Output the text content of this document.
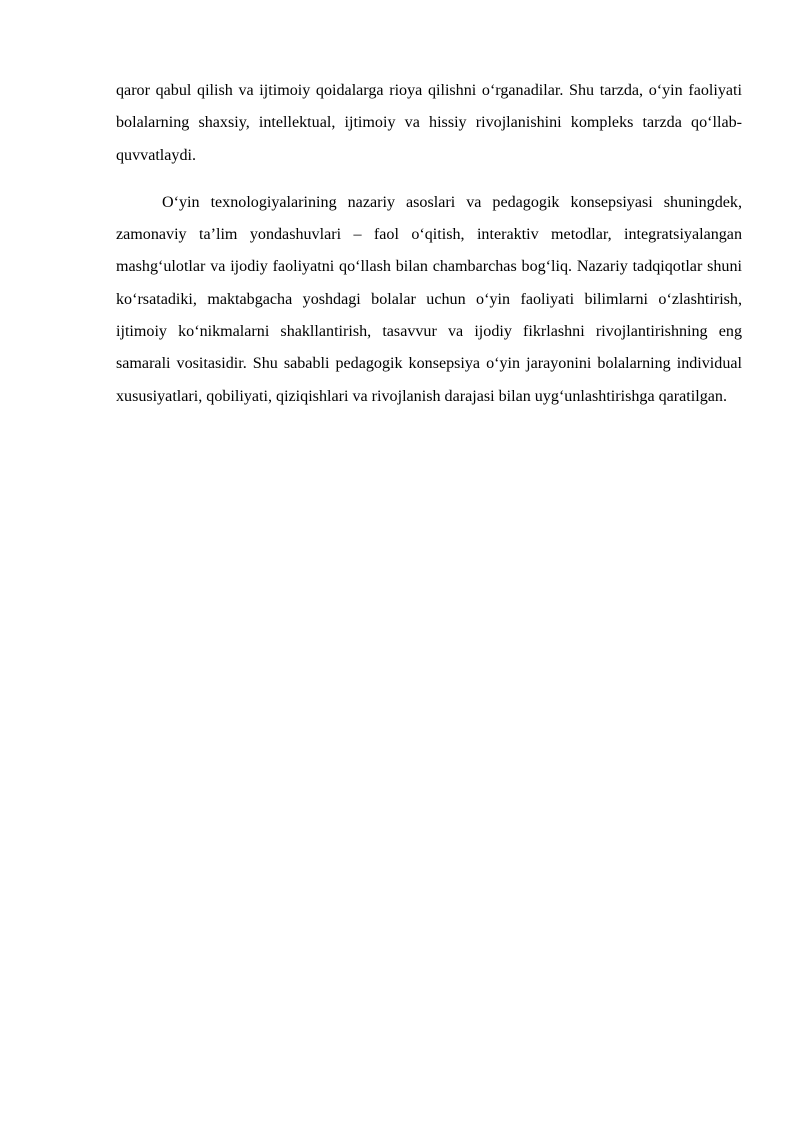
qaror qabul qilish va ijtimoiy qoidalarga rioya qilishni o‘rganadilar. Shu tarzda, o‘yin faoliyati bolalarning shaxsiy, intellektual, ijtimoiy va hissiy rivojlanishini kompleks tarzda qo‘llab-quvvatlaydi.

O‘yin texnologiyalarining nazariy asoslari va pedagogik konsepsiyasi shuningdek, zamonaviy ta’lim yondashuvlari – faol o‘qitish, interaktiv metodlar, integratsiyalangan mashg‘ulotlar va ijodiy faoliyatni qo‘llash bilan chambarchas bog‘liq. Nazariy tadqiqotlar shuni ko‘rsatadiki, maktabgacha yoshdagi bolalar uchun o‘yin faoliyati bilimlarni o‘zlashtirish, ijtimoiy ko‘nikmalarni shakllantirish, tasavvur va ijodiy fikrlashni rivojlantirishning eng samarali vositasidir. Shu sababli pedagogik konsepsiya o‘yin jarayonini bolalarning individual xususiyatlari, qobiliyati, qiziqishlari va rivojlanish darajasi bilan uyg‘unlashtirishga qaratilgan.
